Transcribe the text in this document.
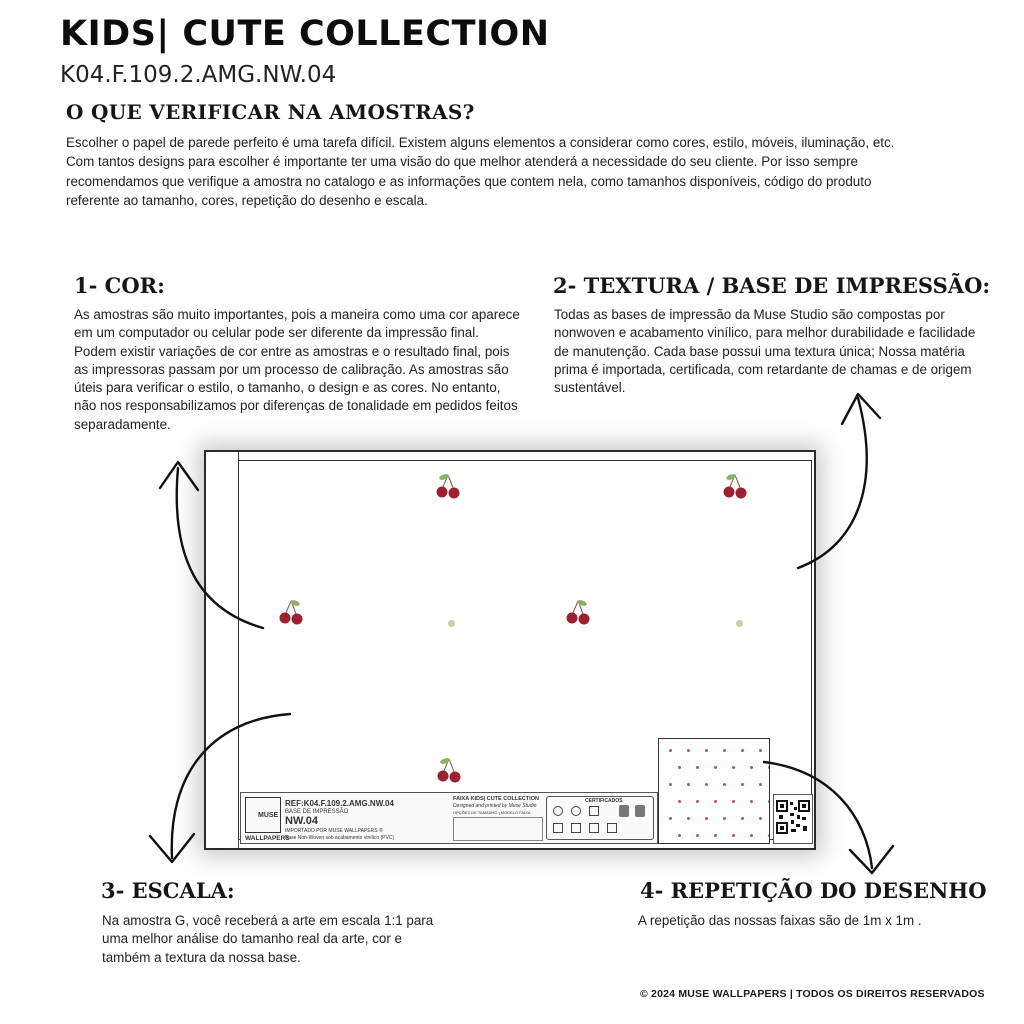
KIDS| CUTE COLLECTION
K04.F.109.2.AMG.NW.04
O QUE VERIFICAR NA AMOSTRAS?
Escolher o papel de parede perfeito é uma tarefa difícil. Existem alguns elementos a considerar como cores, estilo, móveis, iluminação, etc. Com tantos designs para escolher é importante ter uma visão do que melhor atenderá a necessidade do seu cliente. Por isso sempre recomendamos que verifique a amostra no catalogo e as informações que contem nela, como tamanhos disponíveis, código do produto referente ao tamanho, cores, repetição do desenho e escala.
1- COR:
As amostras são muito importantes, pois a maneira como uma cor aparece em um computador ou celular pode ser diferente da impressão final. Podem existir variações de cor entre as amostras e o resultado final, pois as impressoras passam por um processo de calibração. As amostras são úteis para verificar o estilo, o tamanho, o design e as cores. No entanto, não nos responsabilizamos por diferenças de tonalidade em pedidos feitos separadamente.
2- TEXTURA / BASE DE IMPRESSÃO:
Todas as bases de impressão da Muse Studio são compostas por nonwoven e acabamento vinílico, para melhor durabilidade e facilidade de manutenção. Cada base possui uma textura única; Nossa matéria prima é importada, certificada, com retardante de chamas e de origem sustentável.
MUSE
WALLPAPERS
REF:K04.F.109.2.AMG.NW.04
BASE DE IMPRESSÃO
NW.04
IMPORTADO POR MUSE WALLPAPERS ®
Base Non-Woven sob acabamento vinílico (PVC)
FAIXA KIDS| CUTE COLLECTION
Designed and printed by Muse Studio
OPÇÕES DE TAMANHO | MODELO FAIXA
CERTIFICADOS
3- ESCALA:
Na amostra G, você receberá a arte em escala 1:1 para uma melhor análise do tamanho real da arte, cor e também a textura da nossa base.
4- REPETIÇÃO DO DESENHO
A repetição das nossas faixas são de 1m x 1m .
© 2024 MUSE WALLPAPERS | TODOS OS DIREITOS RESERVADOS
